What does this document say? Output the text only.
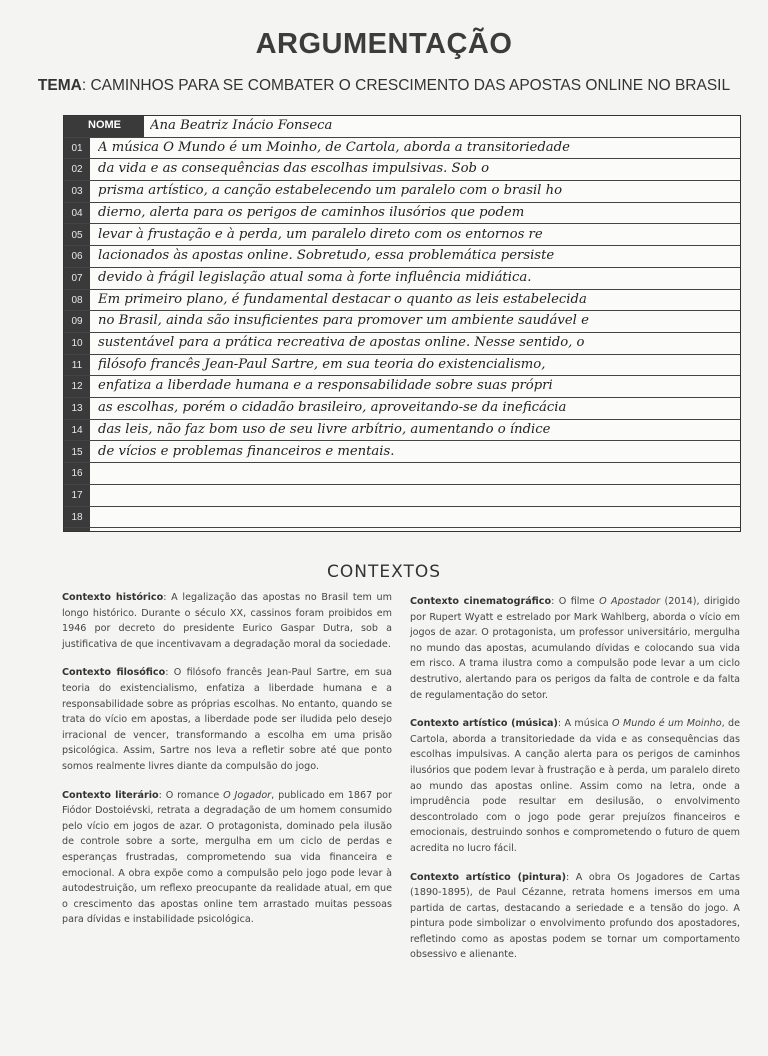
ARGUMENTAÇÃO
TEMA: CAMINHOS PARA SE COMBATER O CRESCIMENTO DAS APOSTAS ONLINE NO BRASIL
NOME	Ana Beatriz Inácio Fonseca
01	A música O Mundo é um Moinho, de Cartola, aborda a transitoriedade
02	da vida e as consequências das escolhas impulsivas. Sob o
03	prisma artístico, a canção estabelecendo um paralelo com o brasil ho
04	dierno, alerta para os perigos de caminhos ilusórios que podem
05	levar à frustação e à perda, um paralelo direto com os entornos re
06	lacionados às apostas online. Sobretudo, essa problemática persiste
07	devido à frágil legislação atual soma à forte influência midiática.
08	Em primeiro plano, é fundamental destacar o quanto as leis estabelecida
09	no Brasil, ainda são insuficientes para promover um ambiente saudável e
10	sustentável para a prática recreativa de apostas online. Nesse sentido, o
11	filósofo francês Jean-Paul Sartre, em sua teoria do existencialismo,
12	enfatiza a liberdade humana e a responsabilidade sobre suas própri
13	as escolhas, porém o cidadão brasileiro, aproveitando-se da ineficácia
14	das leis, não faz bom uso de seu livre arbítrio, aumentando o índice
15	de vícios e problemas financeiros e mentais.
16
17
18
CONTEXTOS

Contexto histórico: A legalização das apostas no Brasil tem um longo histórico. Durante o século XX, cassinos foram proibidos em 1946 por decreto do presidente Eurico Gaspar Dutra, sob a justificativa de que incentivavam a degradação moral da sociedade.

Contexto filosófico: O filósofo francês Jean-Paul Sartre, em sua teoria do existencialismo, enfatiza a liberdade humana e a responsabilidade sobre as próprias escolhas. No entanto, quando se trata do vício em apostas, a liberdade pode ser iludida pelo desejo irracional de vencer, transformando a escolha em uma prisão psicológica. Assim, Sartre nos leva a refletir sobre até que ponto somos realmente livres diante da compulsão do jogo.

Contexto literário: O romance O Jogador, publicado em 1867 por Fiódor Dostoiévski, retrata a degradação de um homem consumido pelo vício em jogos de azar. O protagonista, dominado pela ilusão de controle sobre a sorte, mergulha em um ciclo de perdas e esperanças frustradas, comprometendo sua vida financeira e emocional. A obra expõe como a compulsão pelo jogo pode levar à autodestruição, um reflexo preocupante da realidade atual, em que o crescimento das apostas online tem arrastado muitas pessoas para dívidas e instabilidade psicológica.

Contexto cinematográfico: O filme O Apostador (2014), dirigido por Rupert Wyatt e estrelado por Mark Wahlberg, aborda o vício em jogos de azar. O protagonista, um professor universitário, mergulha no mundo das apostas, acumulando dívidas e colocando sua vida em risco. A trama ilustra como a compulsão pode levar a um ciclo destrutivo, alertando para os perigos da falta de controle e da falta de regulamentação do setor.

Contexto artístico (música): A música O Mundo é um Moinho, de Cartola, aborda a transitoriedade da vida e as consequências das escolhas impulsivas. A canção alerta para os perigos de caminhos ilusórios que podem levar à frustração e à perda, um paralelo direto ao mundo das apostas online. Assim como na letra, onde a imprudência pode resultar em desilusão, o envolvimento descontrolado com o jogo pode gerar prejuízos financeiros e emocionais, destruindo sonhos e comprometendo o futuro de quem acredita no lucro fácil.

Contexto artístico (pintura): A obra Os Jogadores de Cartas (1890-1895), de Paul Cézanne, retrata homens imersos em uma partida de cartas, destacando a seriedade e a tensão do jogo. A pintura pode simbolizar o envolvimento profundo dos apostadores, refletindo como as apostas podem se tornar um comportamento obsessivo e alienante.
